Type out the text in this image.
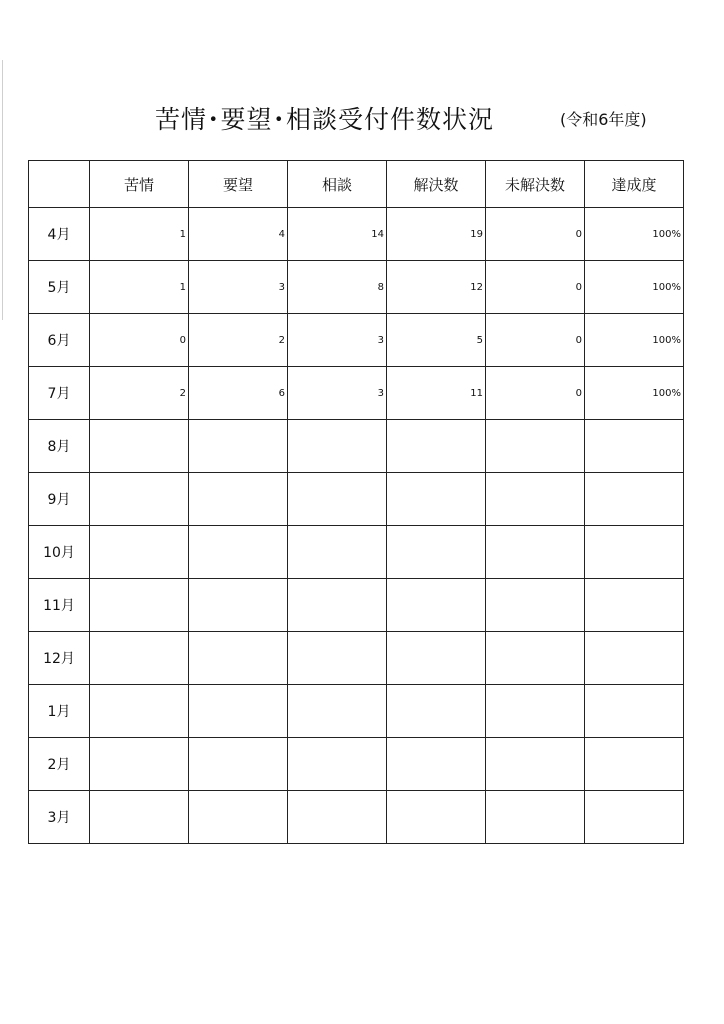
苦情･要望･相談受付件数状況	(令和6年度)
	苦情	要望	相談	解決数	未解決数	達成度
4月	1	4	14	19	0	100%
5月	1	3	8	12	0	100%
6月	0	2	3	5	0	100%
7月	2	6	3	11	0	100%
8月						
9月						
10月						
11月						
12月						
1月						
2月						
3月						
